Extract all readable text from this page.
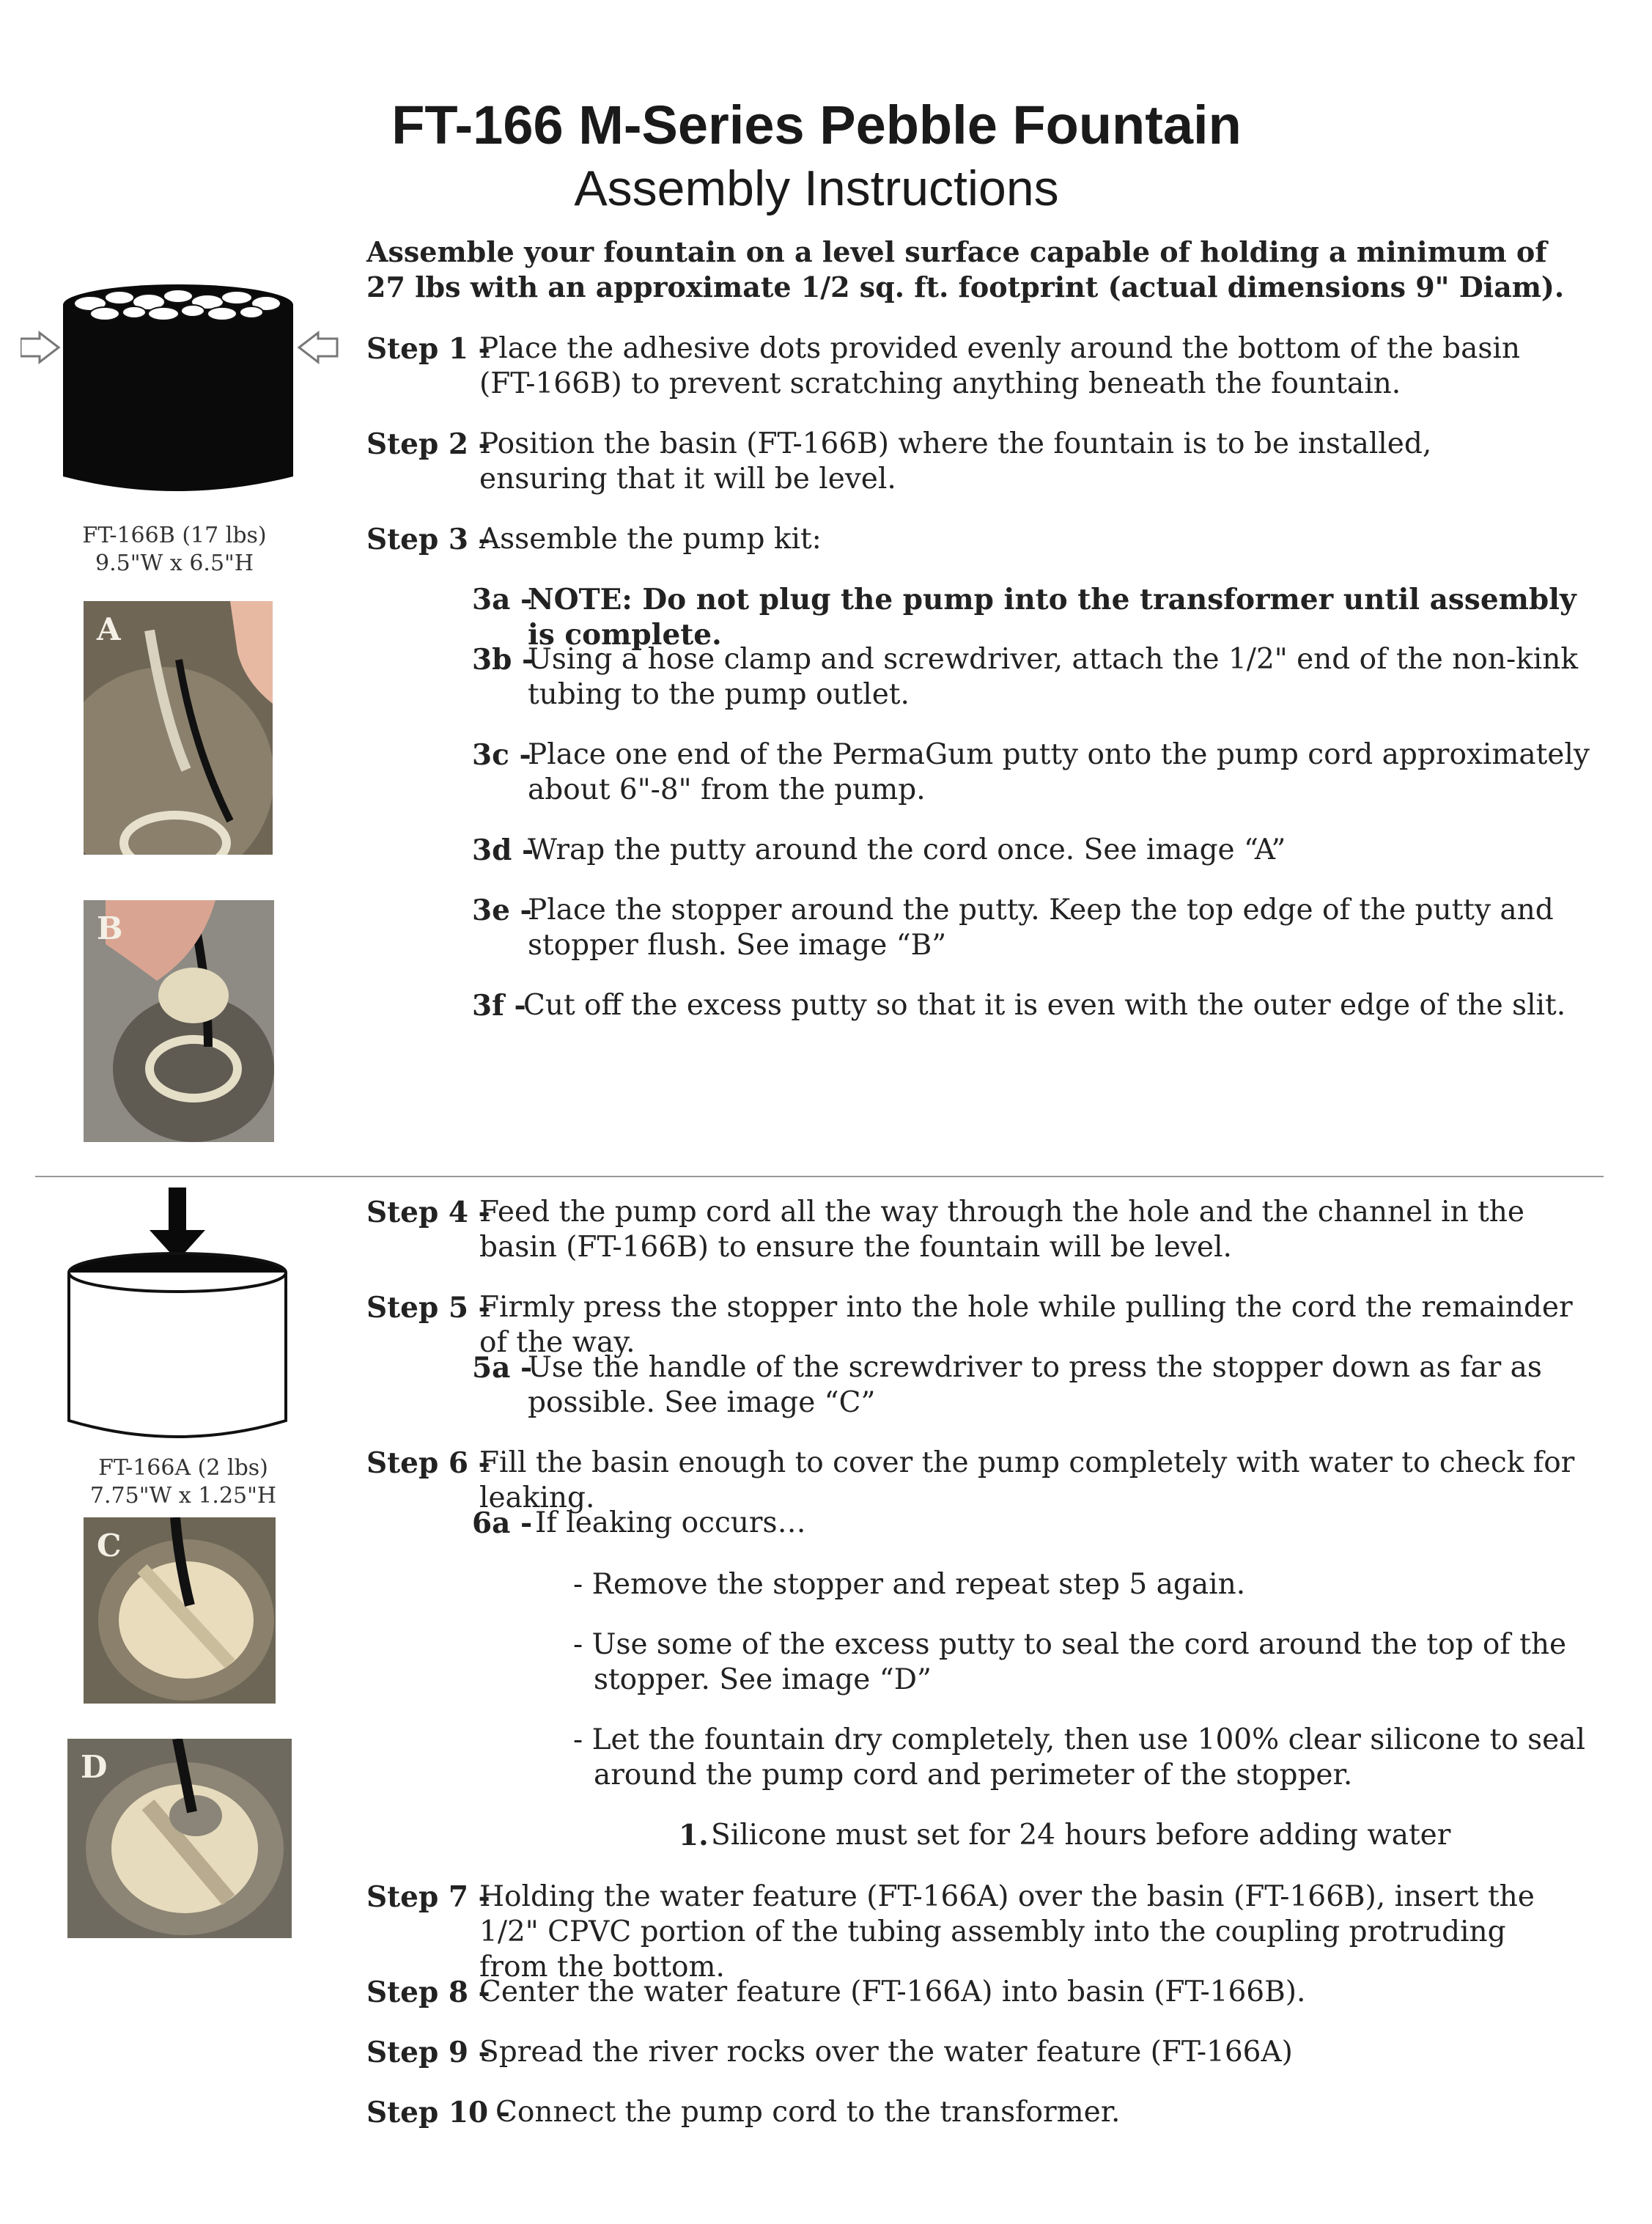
FT-166 M-Series Pebble Fountain
Assembly Instructions
Assemble your fountain on a level surface capable of holding a minimum of 27 lbs with an approximate 1/2 sq. ft. footprint (actual dimensions 9" Diam).
FT-166B (17 lbs)
9.5"W x 6.5"H
A
B
FT-166A (2 lbs)
7.75"W x 1.25"H
C
D
Step 1 -
Place the adhesive dots provided evenly around the bottom of the basin (FT-166B) to prevent scratching anything beneath the fountain.
Step 2 -
Position the basin (FT-166B) where the fountain is to be installed, ensuring that it will be level.
Step 3 -
Assemble the pump kit:
3a -
NOTE: Do not plug the pump into the transformer until assembly is complete.
3b -
Using a hose clamp and screwdriver, attach the 1/2" end of the non-kink tubing to the pump outlet.
3c -
Place one end of the PermaGum putty onto the pump cord approximately about 6"-8" from the pump.
3d -
Wrap the putty around the cord once. See image “A”
3e -
Place the stopper around the putty. Keep the top edge of the putty and stopper flush. See image “B”
3f -
Cut off the excess putty so that it is even with the outer edge of the slit.
Step 4 -
Feed the pump cord all the way through the hole and the channel in the basin (FT-166B) to ensure the fountain will be level.
Step 5 -
Firmly press the stopper into the hole while pulling the cord the remainder of the way.
5a -
Use the handle of the screwdriver to press the stopper down as far as possible. See image “C”
Step 6 -
Fill the basin enough to cover the pump completely with water to check for leaking.
6a - If leaking occurs…
- Remove the stopper and repeat step 5 again.
- Use some of the excess putty to seal the cord around the top of the stopper. See image “D”
- Let the fountain dry completely, then use 100% clear silicone to seal around the pump cord and perimeter of the stopper.
1. Silicone must set for 24 hours before adding water
Step 7 -
Holding the water feature (FT-166A) over the basin (FT-166B), insert the 1/2" CPVC portion of the tubing assembly into the coupling protruding from the bottom.
Step 8 -
Center the water feature (FT-166A) into basin (FT-166B).
Step 9 -
Spread the river rocks over the water feature (FT-166A)
Step 10 -
Connect the pump cord to the transformer.
